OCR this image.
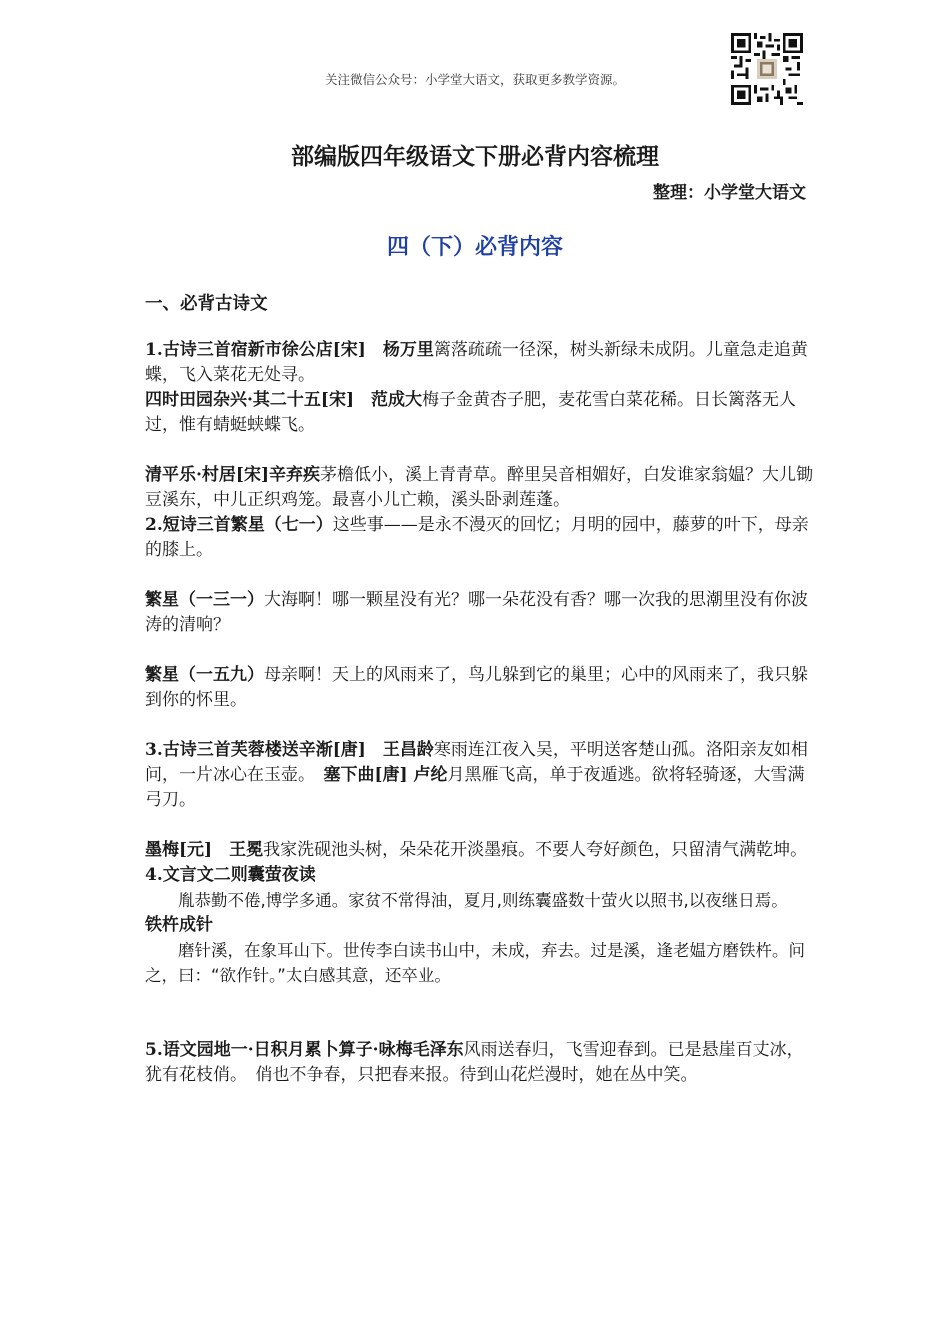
关注微信公众号：小学堂大语文，获取更多教学资源。
部编版四年级语文下册必背内容梳理
整理：小学堂大语文
四（下）必背内容
一、必背古诗文

1.古诗三首宿新市徐公店[宋]　杨万里篱落疏疏一径深，树头新绿未成阴。儿童急走追黄蝶，飞入菜花无处寻。

四时田园杂兴·其二十五[宋]　范成大梅子金黄杏子肥，麦花雪白菜花稀。日长篱落无人过，惟有蜻蜓蛱蝶飞。

清平乐·村居[宋]辛弃疾茅檐低小，溪上青青草。醉里吴音相媚好，白发谁家翁媪？大儿锄豆溪东，中儿正织鸡笼。最喜小儿亡赖，溪头卧剥莲蓬。

2.短诗三首繁星（七一）这些事——是永不漫灭的回忆；月明的园中，藤萝的叶下，母亲的膝上。

繁星（一三一）大海啊！哪一颗星没有光？哪一朵花没有香？哪一次我的思潮里没有你波涛的清响？

繁星（一五九）母亲啊！天上的风雨来了，鸟儿躲到它的巢里；心中的风雨来了，我只躲到你的怀里。

3.古诗三首芙蓉楼送辛渐[唐]　王昌龄寒雨连江夜入吴，平明送客楚山孤。洛阳亲友如相问，一片冰心在玉壶。　塞下曲[唐] 卢纶月黑雁飞高，单于夜遁逃。欲将轻骑逐，大雪满弓刀。

墨梅[元]　王冕我家洗砚池头树，朵朵花开淡墨痕。不要人夸好颜色，只留清气满乾坤。

4.文言文二则囊萤夜读

胤恭勤不倦,博学多通。家贫不常得油，夏月,则练囊盛数十萤火以照书,以夜继日焉。

铁杵成针

磨针溪，在象耳山下。世传李白读书山中，未成，弃去。过是溪，逢老媪方磨铁杵。问之，曰：“欲作针。”太白感其意，还卒业。

5.语文园地一·日积月累卜算子·咏梅毛泽东风雨送春归，飞雪迎春到。已是悬崖百丈冰，犹有花枝俏。　俏也不争春，只把春来报。待到山花烂漫时，她在丛中笑。
